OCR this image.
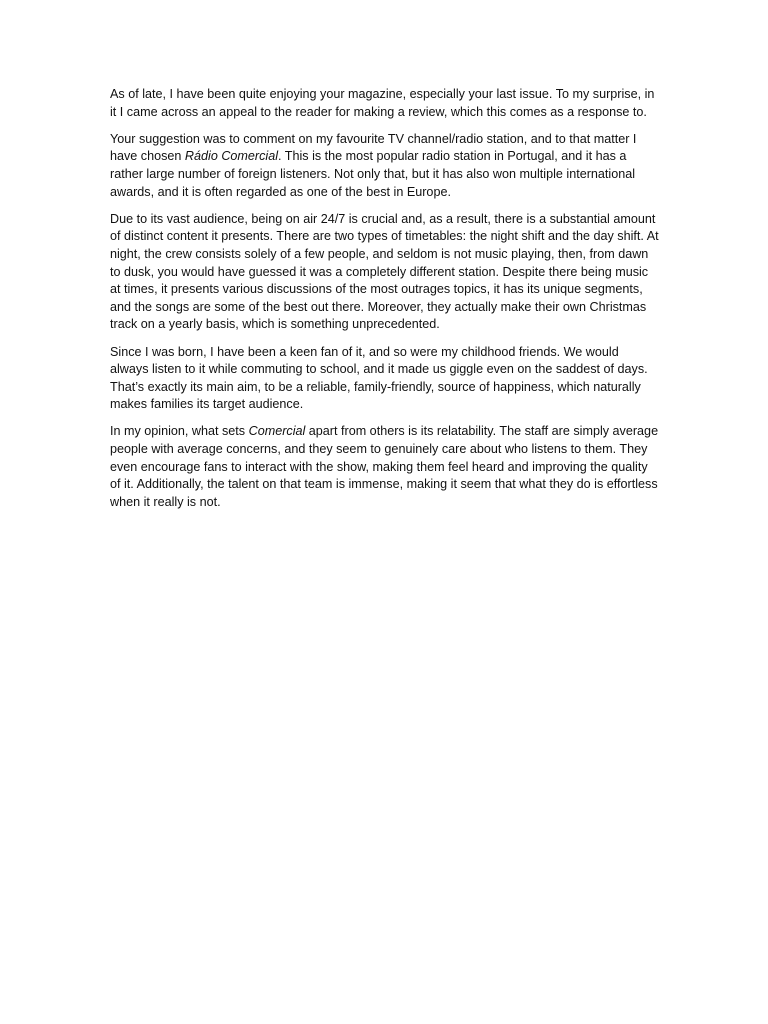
As of late, I have been quite enjoying your magazine, especially your last issue. To my surprise, in it I came across an appeal to the reader for making a review, which this comes as a response to.

Your suggestion was to comment on my favourite TV channel/radio station, and to that matter I have chosen Rádio Comercial. This is the most popular radio station in Portugal, and it has a rather large number of foreign listeners. Not only that, but it has also won multiple international awards, and it is often regarded as one of the best in Europe.

Due to its vast audience, being on air 24/7 is crucial and, as a result, there is a substantial amount of distinct content it presents. There are two types of timetables: the night shift and the day shift. At night, the crew consists solely of a few people, and seldom is not music playing, then, from dawn to dusk, you would have guessed it was a completely different station. Despite there being music at times, it presents various discussions of the most outrages topics, it has its unique segments, and the songs are some of the best out there. Moreover, they actually make their own Christmas track on a yearly basis, which is something unprecedented.

Since I was born, I have been a keen fan of it, and so were my childhood friends. We would always listen to it while commuting to school, and it made us giggle even on the saddest of days. That’s exactly its main aim, to be a reliable, family-friendly, source of happiness, which naturally makes families its target audience.

In my opinion, what sets Comercial apart from others is its relatability. The staff are simply average people with average concerns, and they seem to genuinely care about who listens to them. They even encourage fans to interact with the show, making them feel heard and improving the quality of it. Additionally, the talent on that team is immense, making it seem that what they do is effortless when it really is not.
